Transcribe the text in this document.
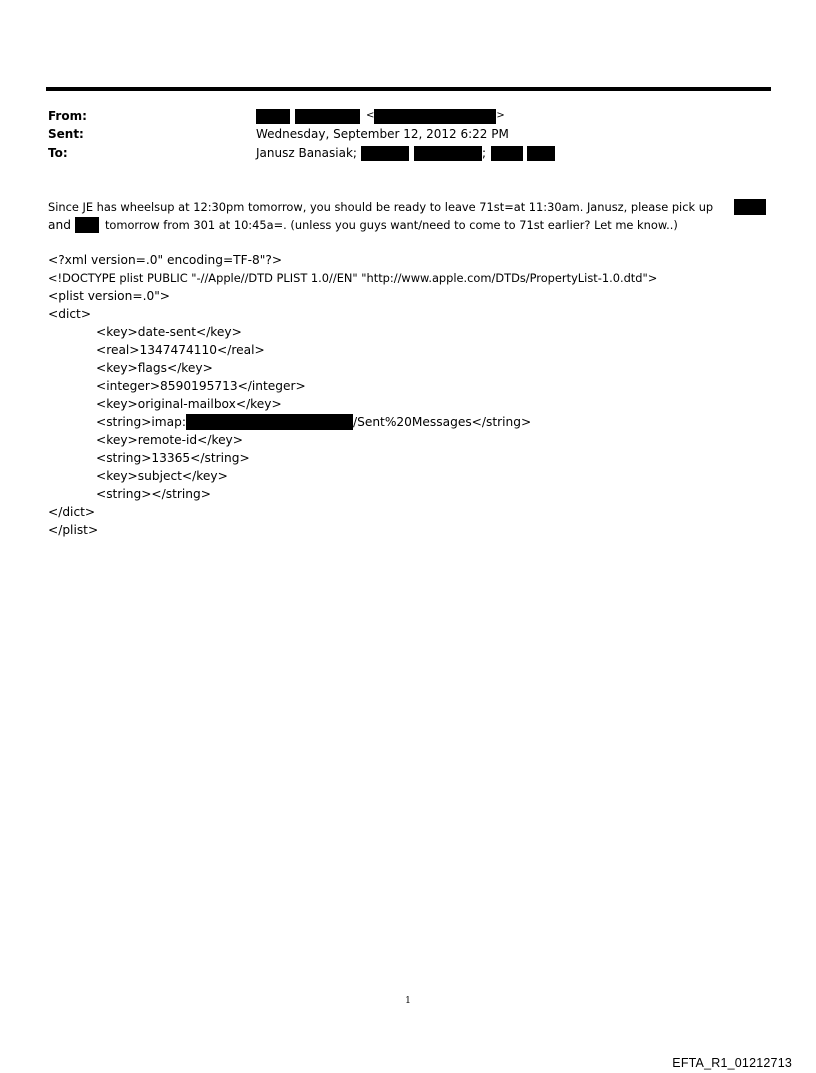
From:	<	>
Sent:	Wednesday, September 12, 2012 6:22 PM
To:	Janusz Banasiak;	;
Since JE has wheelsup at 12:30pm tomorrow, you should be ready to leave 71st=at 11:30am. Janusz, please pick up
and	tomorrow from 301 at 10:45a=. (unless you guys want/need to come to 71st earlier? Let me know..)
<?xml version=.0" encoding=TF-8"?>
<!DOCTYPE plist PUBLIC "-//Apple//DTD PLIST 1.0//EN" "http://www.apple.com/DTDs/PropertyList-1.0.dtd">
<plist version=.0">
<dict>
<key>date-sent</key>
<real>1347474110</real>
<key>flags</key>
<integer>8590195713</integer>
<key>original-mailbox</key>
<string>imap:	/Sent%20Messages</string>
<key>remote-id</key>
<string>13365</string>
<key>subject</key>
<string></string>
</dict>
</plist>
1
EFTA_R1_01212713
